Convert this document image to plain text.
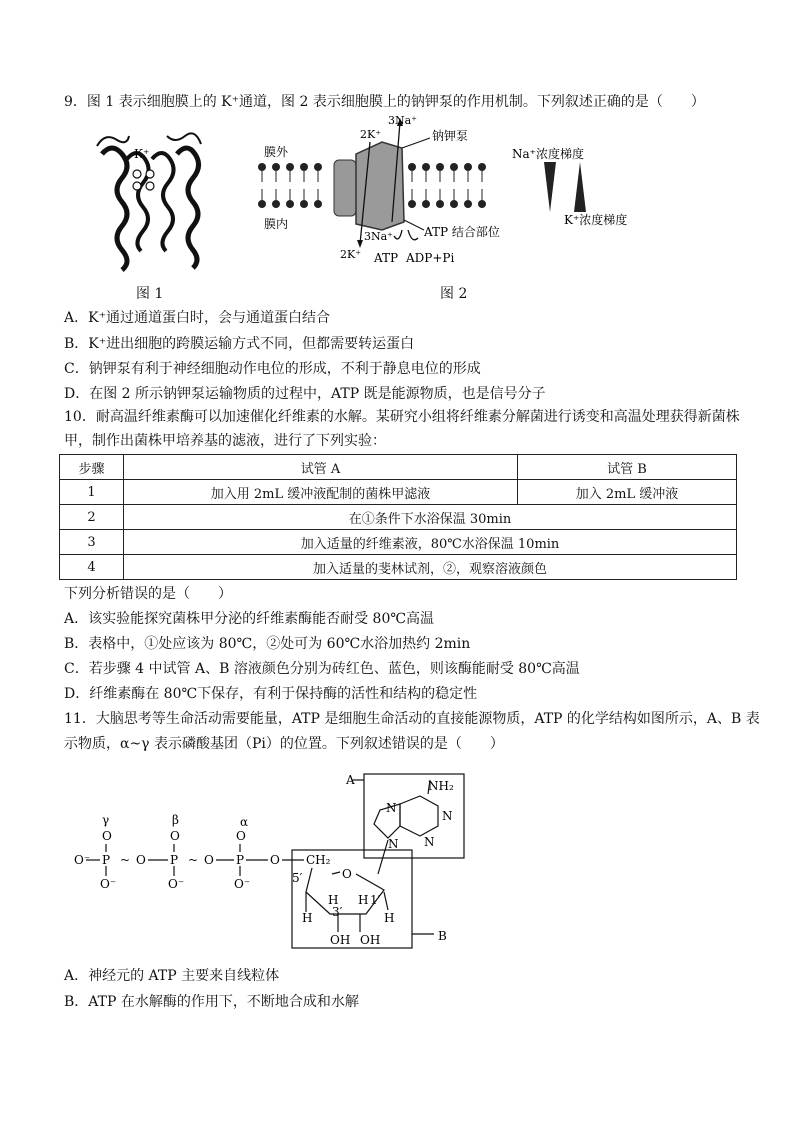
9．图 1 表示细胞膜上的 K⁺通道，图 2 表示细胞膜上的钠钾泵的作用机制。下列叙述正确的是（　　）
K⁺
图 1
膜外
膜内
2K⁺
3Na⁺
钠钾泵
3Na⁺
2K⁺
ATP 结合部位
ATP ADP+Pi
Na⁺浓度梯度
K⁺浓度梯度
图 2
A．K⁺通过通道蛋白时，会与通道蛋白结合
B．K⁺进出细胞的跨膜运输方式不同，但都需要转运蛋白
C．钠钾泵有利于神经细胞动作电位的形成，不利于静息电位的形成
D．在图 2 所示钠钾泵运输物质的过程中，ATP 既是能源物质，也是信号分子
10．耐高温纤维素酶可以加速催化纤维素的水解。某研究小组将纤维素分解菌进行诱变和高温处理获得新菌株
甲，制作出菌株甲培养基的滤液，进行了下列实验：
步骤	试管 A	试管 B
1	加入用 2mL 缓冲液配制的菌株甲滤液	加入 2mL 缓冲液
2	在①条件下水浴保温 30min	
3	加入适量的纤维素液，80℃水浴保温 10min	
4	加入适量的斐林试剂，②，观察溶液颜色	
下列分析错误的是（　　）
A．该实验能探究菌株甲分泌的纤维素酶能否耐受 80℃高温
B．表格中，①处应该为 80℃，②处可为 60℃水浴加热约 2min
C．若步骤 4 中试管 A、B 溶液颜色分别为砖红色、蓝色，则该酶能耐受 80℃高温
D．纤维素酶在 80℃下保存，有利于保持酶的活性和结构的稳定性
11．大脑思考等生命活动需要能量，ATP 是细胞生命活动的直接能源物质，ATP 的化学结构如图所示，A、B 表
示物质，α~γ 表示磷酸基团（Pi）的位置。下列叙述错误的是（　　）
γ	β	α
O	O	O
O⁻ P ~ O P ~ O P O
O⁻	O⁻	O⁻
CH₂
5′	O
H
H
3′
H 1′
H
OH OH
NH₂
N
N
N
N
A
B
A．神经元的 ATP 主要来自线粒体
B．ATP 在水解酶的作用下，不断地合成和水解
